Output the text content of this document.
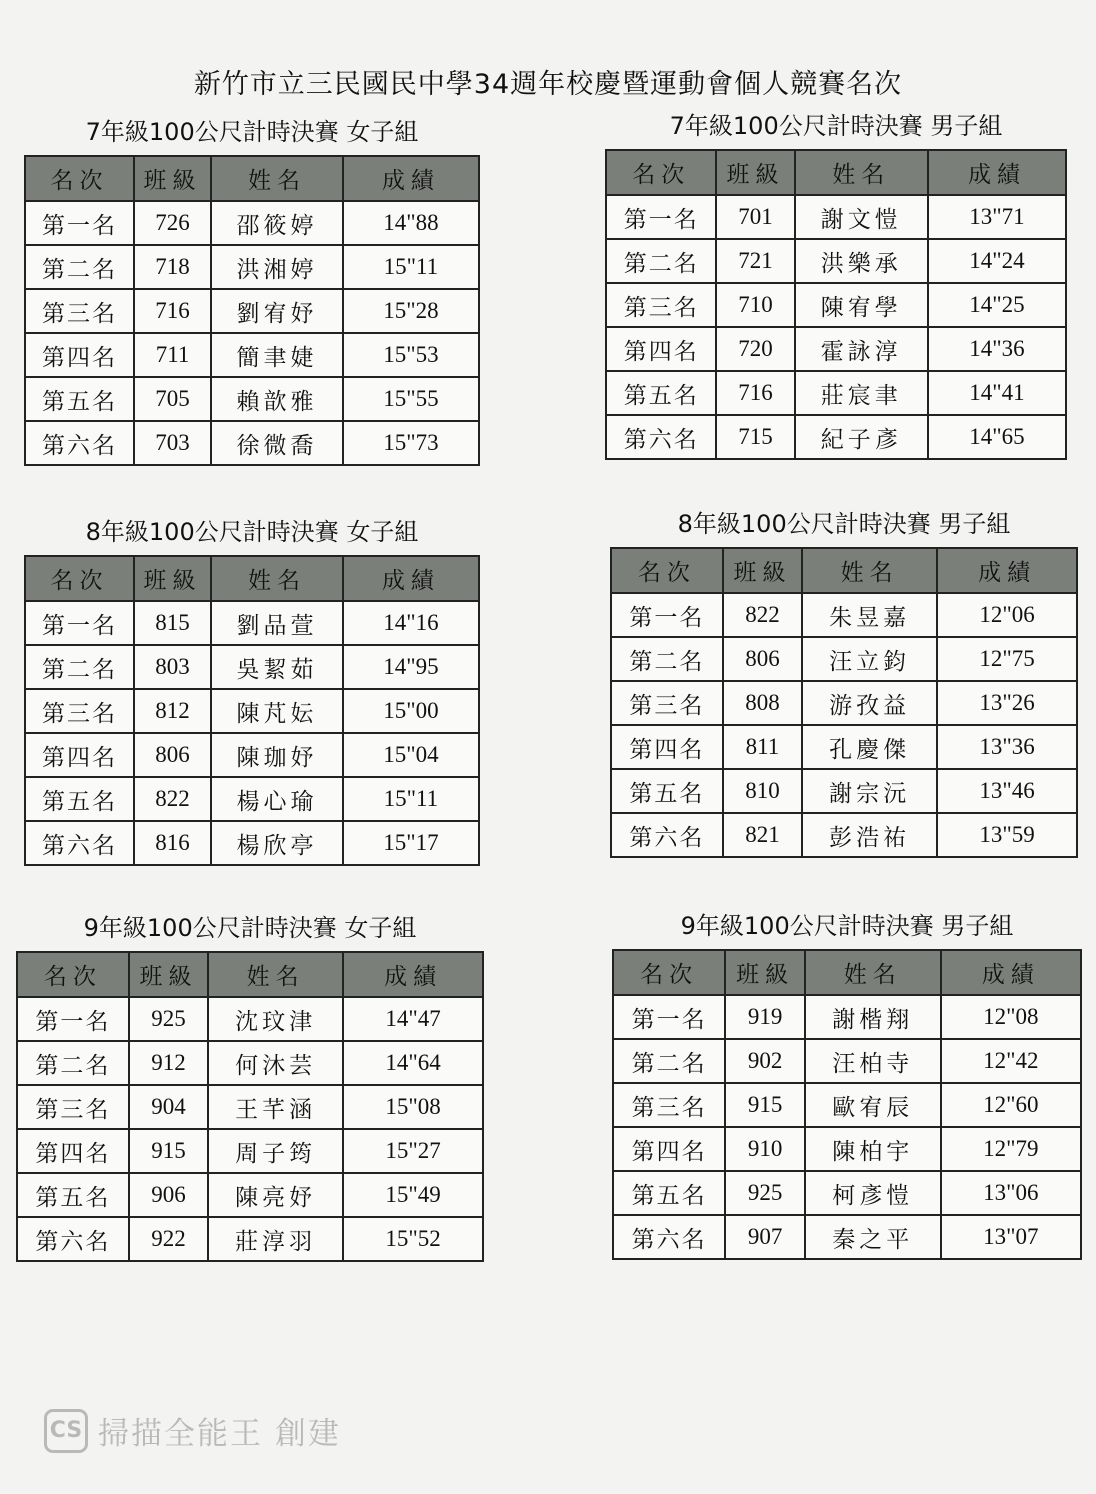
新竹市立三民國民中學34週年校慶暨運動會個人競賽名次
7年級100公尺計時決賽 女子組
名次	班級	姓名	成績
第一名	726	邵筱婷	14"88
第二名	718	洪湘婷	15"11
第三名	716	劉宥妤	15"28
第四名	711	簡聿婕	15"53
第五名	705	賴歆雅	15"55
第六名	703	徐微喬	15"73
7年級100公尺計時決賽 男子組
名次	班級	姓名	成績
第一名	701	謝文愷	13"71
第二名	721	洪樂承	14"24
第三名	710	陳宥學	14"25
第四名	720	霍詠淳	14"36
第五名	716	莊宸聿	14"41
第六名	715	紀子彥	14"65
8年級100公尺計時決賽 女子組
名次	班級	姓名	成績
第一名	815	劉品萱	14"16
第二名	803	吳絜茹	14"95
第三名	812	陳芃妘	15"00
第四名	806	陳珈妤	15"04
第五名	822	楊心瑜	15"11
第六名	816	楊欣亭	15"17
8年級100公尺計時決賽 男子組
名次	班級	姓名	成績
第一名	822	朱昱嘉	12"06
第二名	806	汪立鈞	12"75
第三名	808	游孜益	13"26
第四名	811	孔慶傑	13"36
第五名	810	謝宗沅	13"46
第六名	821	彭浩祐	13"59
9年級100公尺計時決賽 女子組
名次	班級	姓名	成績
第一名	925	沈玟津	14"47
第二名	912	何沐芸	14"64
第三名	904	王芊涵	15"08
第四名	915	周子筠	15"27
第五名	906	陳亮妤	15"49
第六名	922	莊淳羽	15"52
9年級100公尺計時決賽 男子組
名次	班級	姓名	成績
第一名	919	謝楷翔	12"08
第二名	902	汪柏寺	12"42
第三名	915	歐宥辰	12"60
第四名	910	陳柏宇	12"79
第五名	925	柯彥愷	13"06
第六名	907	秦之平	13"07
CS 掃描全能王 創建
